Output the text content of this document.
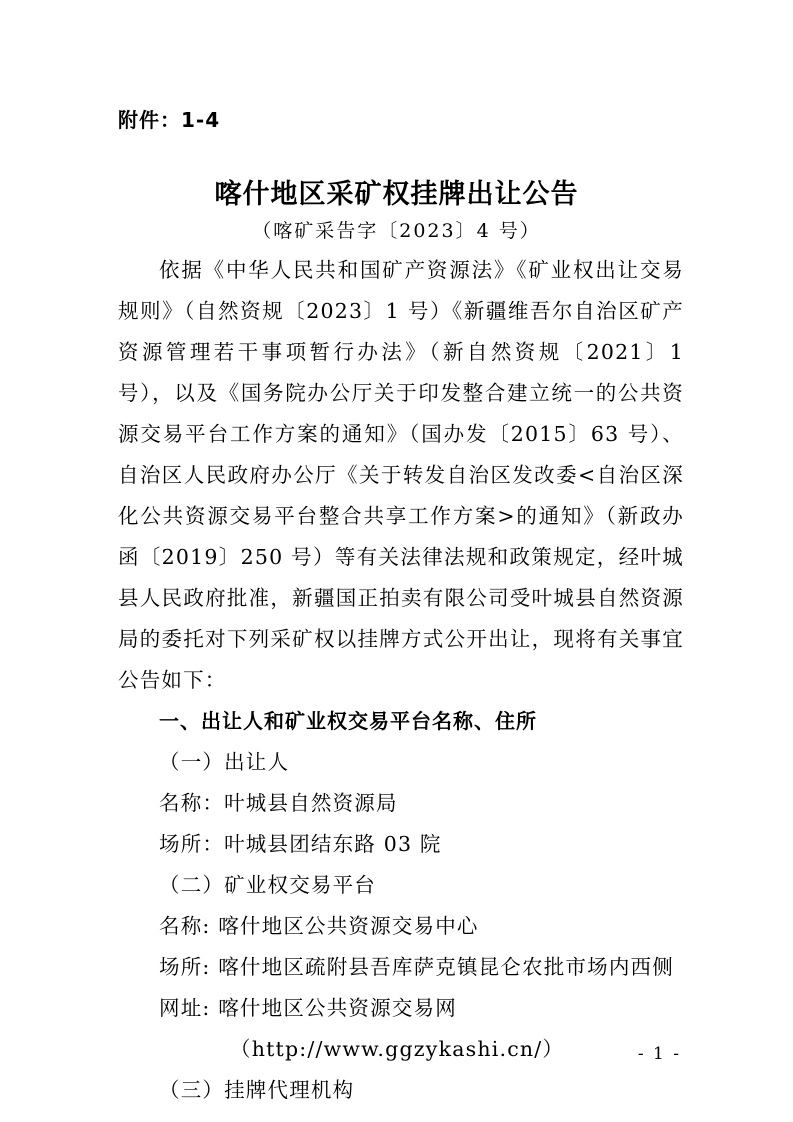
附件：1-4
喀什地区采矿权挂牌出让公告
（喀矿采告字〔2023〕4 号）

依据《中华人民共和国矿产资源法》《矿业权出让交易规则》（自然资规〔2023〕1 号）《新疆维吾尔自治区矿产资源管理若干事项暂行办法》（新自然资规〔2021〕1 号），以及《国务院办公厅关于印发整合建立统一的公共资源交易平台工作方案的通知》（国办发〔2015〕63 号）、自治区人民政府办公厅《关于转发自治区发改委<自治区深化公共资源交易平台整合共享工作方案>的通知》（新政办函〔2019〕250 号）等有关法律法规和政策规定，经叶城县人民政府批准，新疆国正拍卖有限公司受叶城县自然资源局的委托对下列采矿权以挂牌方式公开出让，现将有关事宜公告如下：

一、出让人和矿业权交易平台名称、住所

（一）出让人

名称：叶城县自然资源局

场所：叶城县团结东路 03 院

（二）矿业权交易平台

名称: 喀什地区公共资源交易中心

场所: 喀什地区疏附县吾库萨克镇昆仑农批市场内西侧

网址: 喀什地区公共资源交易网

（http://www.ggzykashi.cn/）

（三）挂牌代理机构

- 1 -
